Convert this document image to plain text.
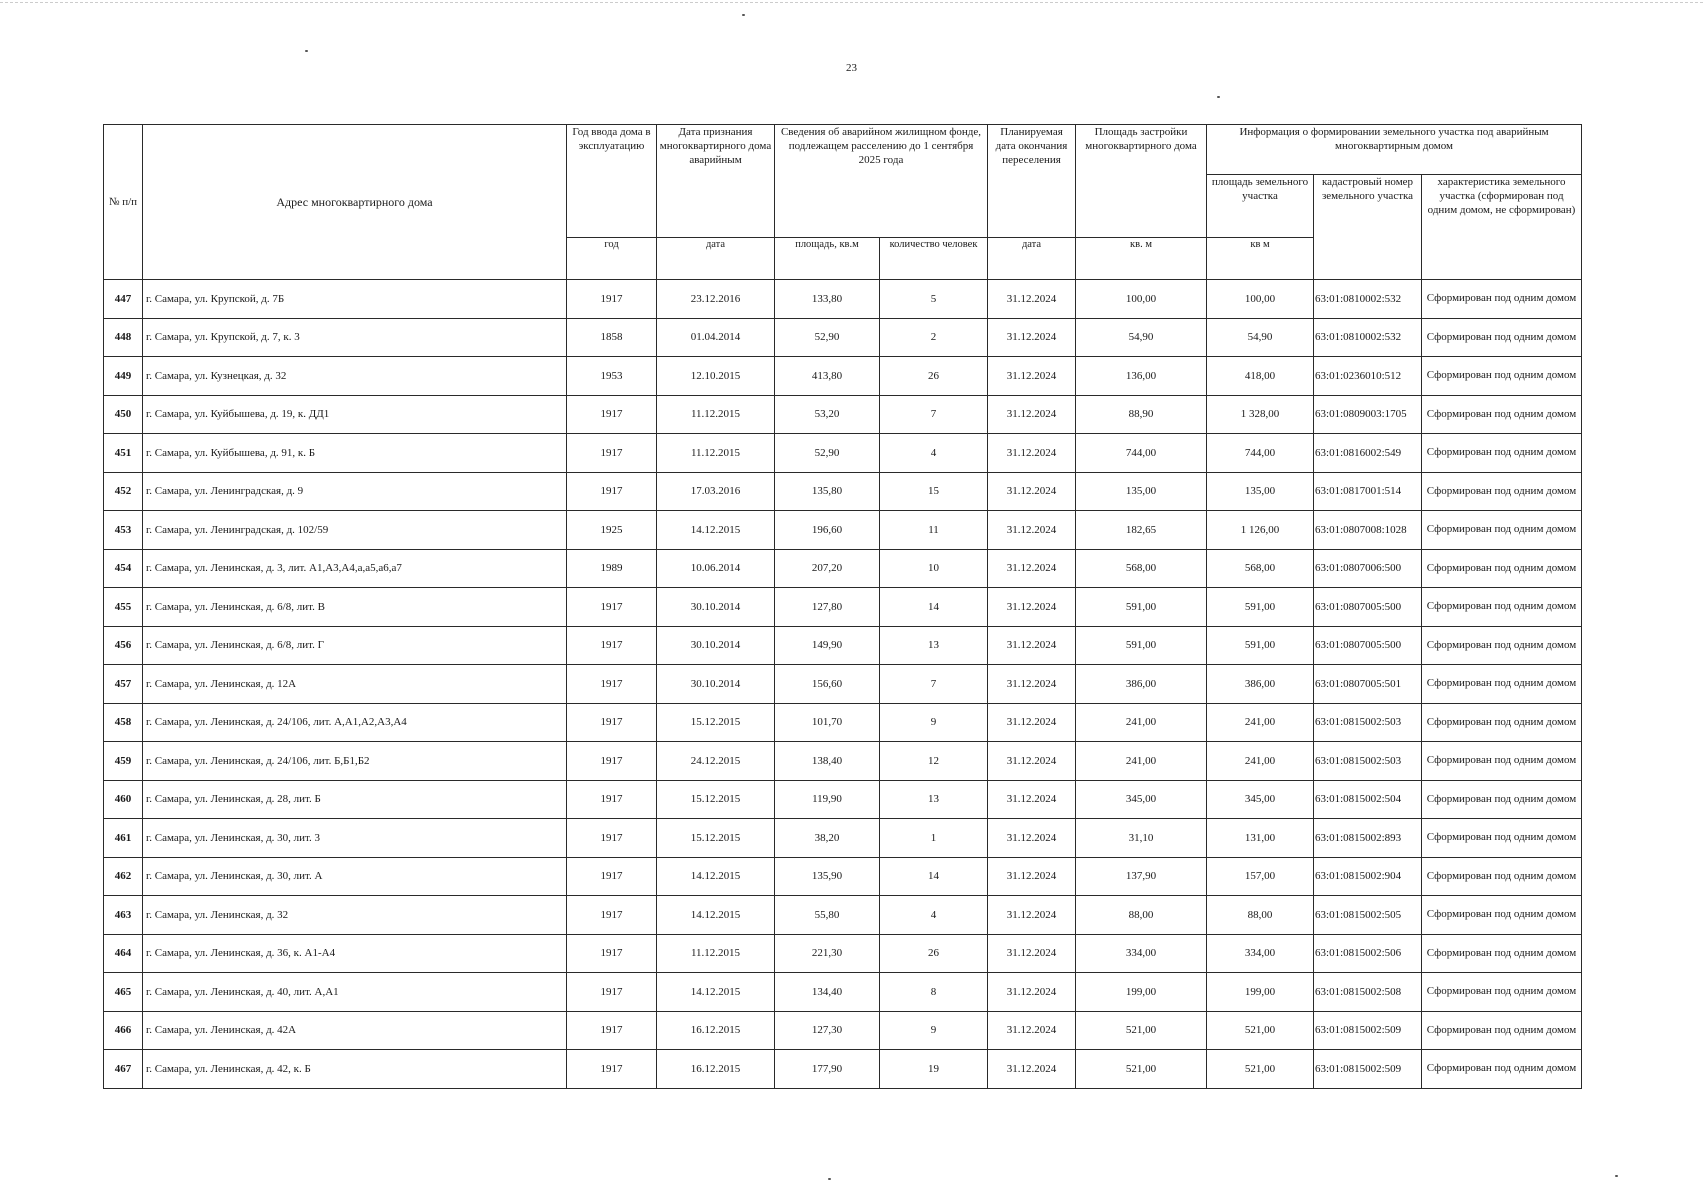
23
№ п/п	Адрес многоквартирного дома	Год ввода дома в эксплуатацию	Дата признания многоквартирного дома аварийным	Сведения об аварийном жилищном фонде, подлежащем расселению до 1 сентября 2025 года		Планируемая дата окончания переселения	Площадь застройки многоквартирного дома	Информация о формировании земельного участка под аварийным многоквартирным домом		
								площадь земельного участка	кадастровый номер земельного участка	характеристика земельного участка (сформирован под одним домом, не сформирован)
		год	дата	площадь, кв.м	количество человек	дата	кв. м	кв м		
447	г. Самара, ул. Крупской, д. 7Б	1917	23.12.2016	133,80	5	31.12.2024	100,00	100,00	63:01:0810002:532	Сформирован под одним домом
448	г. Самара, ул. Крупской, д. 7, к. 3	1858	01.04.2014	52,90	2	31.12.2024	54,90	54,90	63:01:0810002:532	Сформирован под одним домом
449	г. Самара, ул. Кузнецкая, д. 32	1953	12.10.2015	413,80	26	31.12.2024	136,00	418,00	63:01:0236010:512	Сформирован под одним домом
450	г. Самара, ул. Куйбышева, д. 19, к. ДД1	1917	11.12.2015	53,20	7	31.12.2024	88,90	1 328,00	63:01:0809003:1705	Сформирован под одним домом
451	г. Самара, ул. Куйбышева, д. 91, к. Б	1917	11.12.2015	52,90	4	31.12.2024	744,00	744,00	63:01:0816002:549	Сформирован под одним домом
452	г. Самара, ул. Ленинградская, д. 9	1917	17.03.2016	135,80	15	31.12.2024	135,00	135,00	63:01:0817001:514	Сформирован под одним домом
453	г. Самара, ул. Ленинградская, д. 102/59	1925	14.12.2015	196,60	11	31.12.2024	182,65	1 126,00	63:01:0807008:1028	Сформирован под одним домом
454	г. Самара, ул. Ленинская, д. 3, лит. А1,А3,А4,а,а5,а6,а7	1989	10.06.2014	207,20	10	31.12.2024	568,00	568,00	63:01:0807006:500	Сформирован под одним домом
455	г. Самара, ул. Ленинская, д. 6/8, лит. В	1917	30.10.2014	127,80	14	31.12.2024	591,00	591,00	63:01:0807005:500	Сформирован под одним домом
456	г. Самара, ул. Ленинская, д. 6/8, лит. Г	1917	30.10.2014	149,90	13	31.12.2024	591,00	591,00	63:01:0807005:500	Сформирован под одним домом
457	г. Самара, ул. Ленинская, д. 12А	1917	30.10.2014	156,60	7	31.12.2024	386,00	386,00	63:01:0807005:501	Сформирован под одним домом
458	г. Самара, ул. Ленинская, д. 24/106, лит. А,А1,А2,А3,А4	1917	15.12.2015	101,70	9	31.12.2024	241,00	241,00	63:01:0815002:503	Сформирован под одним домом
459	г. Самара, ул. Ленинская, д. 24/106, лит. Б,Б1,Б2	1917	24.12.2015	138,40	12	31.12.2024	241,00	241,00	63:01:0815002:503	Сформирован под одним домом
460	г. Самара, ул. Ленинская, д. 28, лит. Б	1917	15.12.2015	119,90	13	31.12.2024	345,00	345,00	63:01:0815002:504	Сформирован под одним домом
461	г. Самара, ул. Ленинская, д. 30, лит. 3	1917	15.12.2015	38,20	1	31.12.2024	31,10	131,00	63:01:0815002:893	Сформирован под одним домом
462	г. Самара, ул. Ленинская, д. 30, лит. А	1917	14.12.2015	135,90	14	31.12.2024	137,90	157,00	63:01:0815002:904	Сформирован под одним домом
463	г. Самара, ул. Ленинская, д. 32	1917	14.12.2015	55,80	4	31.12.2024	88,00	88,00	63:01:0815002:505	Сформирован под одним домом
464	г. Самара, ул. Ленинская, д. 36, к. А1-А4	1917	11.12.2015	221,30	26	31.12.2024	334,00	334,00	63:01:0815002:506	Сформирован под одним домом
465	г. Самара, ул. Ленинская, д. 40, лит. А,А1	1917	14.12.2015	134,40	8	31.12.2024	199,00	199,00	63:01:0815002:508	Сформирован под одним домом
466	г. Самара, ул. Ленинская, д. 42А	1917	16.12.2015	127,30	9	31.12.2024	521,00	521,00	63:01:0815002:509	Сформирован под одним домом
467	г. Самара, ул. Ленинская, д. 42, к. Б	1917	16.12.2015	177,90	19	31.12.2024	521,00	521,00	63:01:0815002:509	Сформирован под одним домом
